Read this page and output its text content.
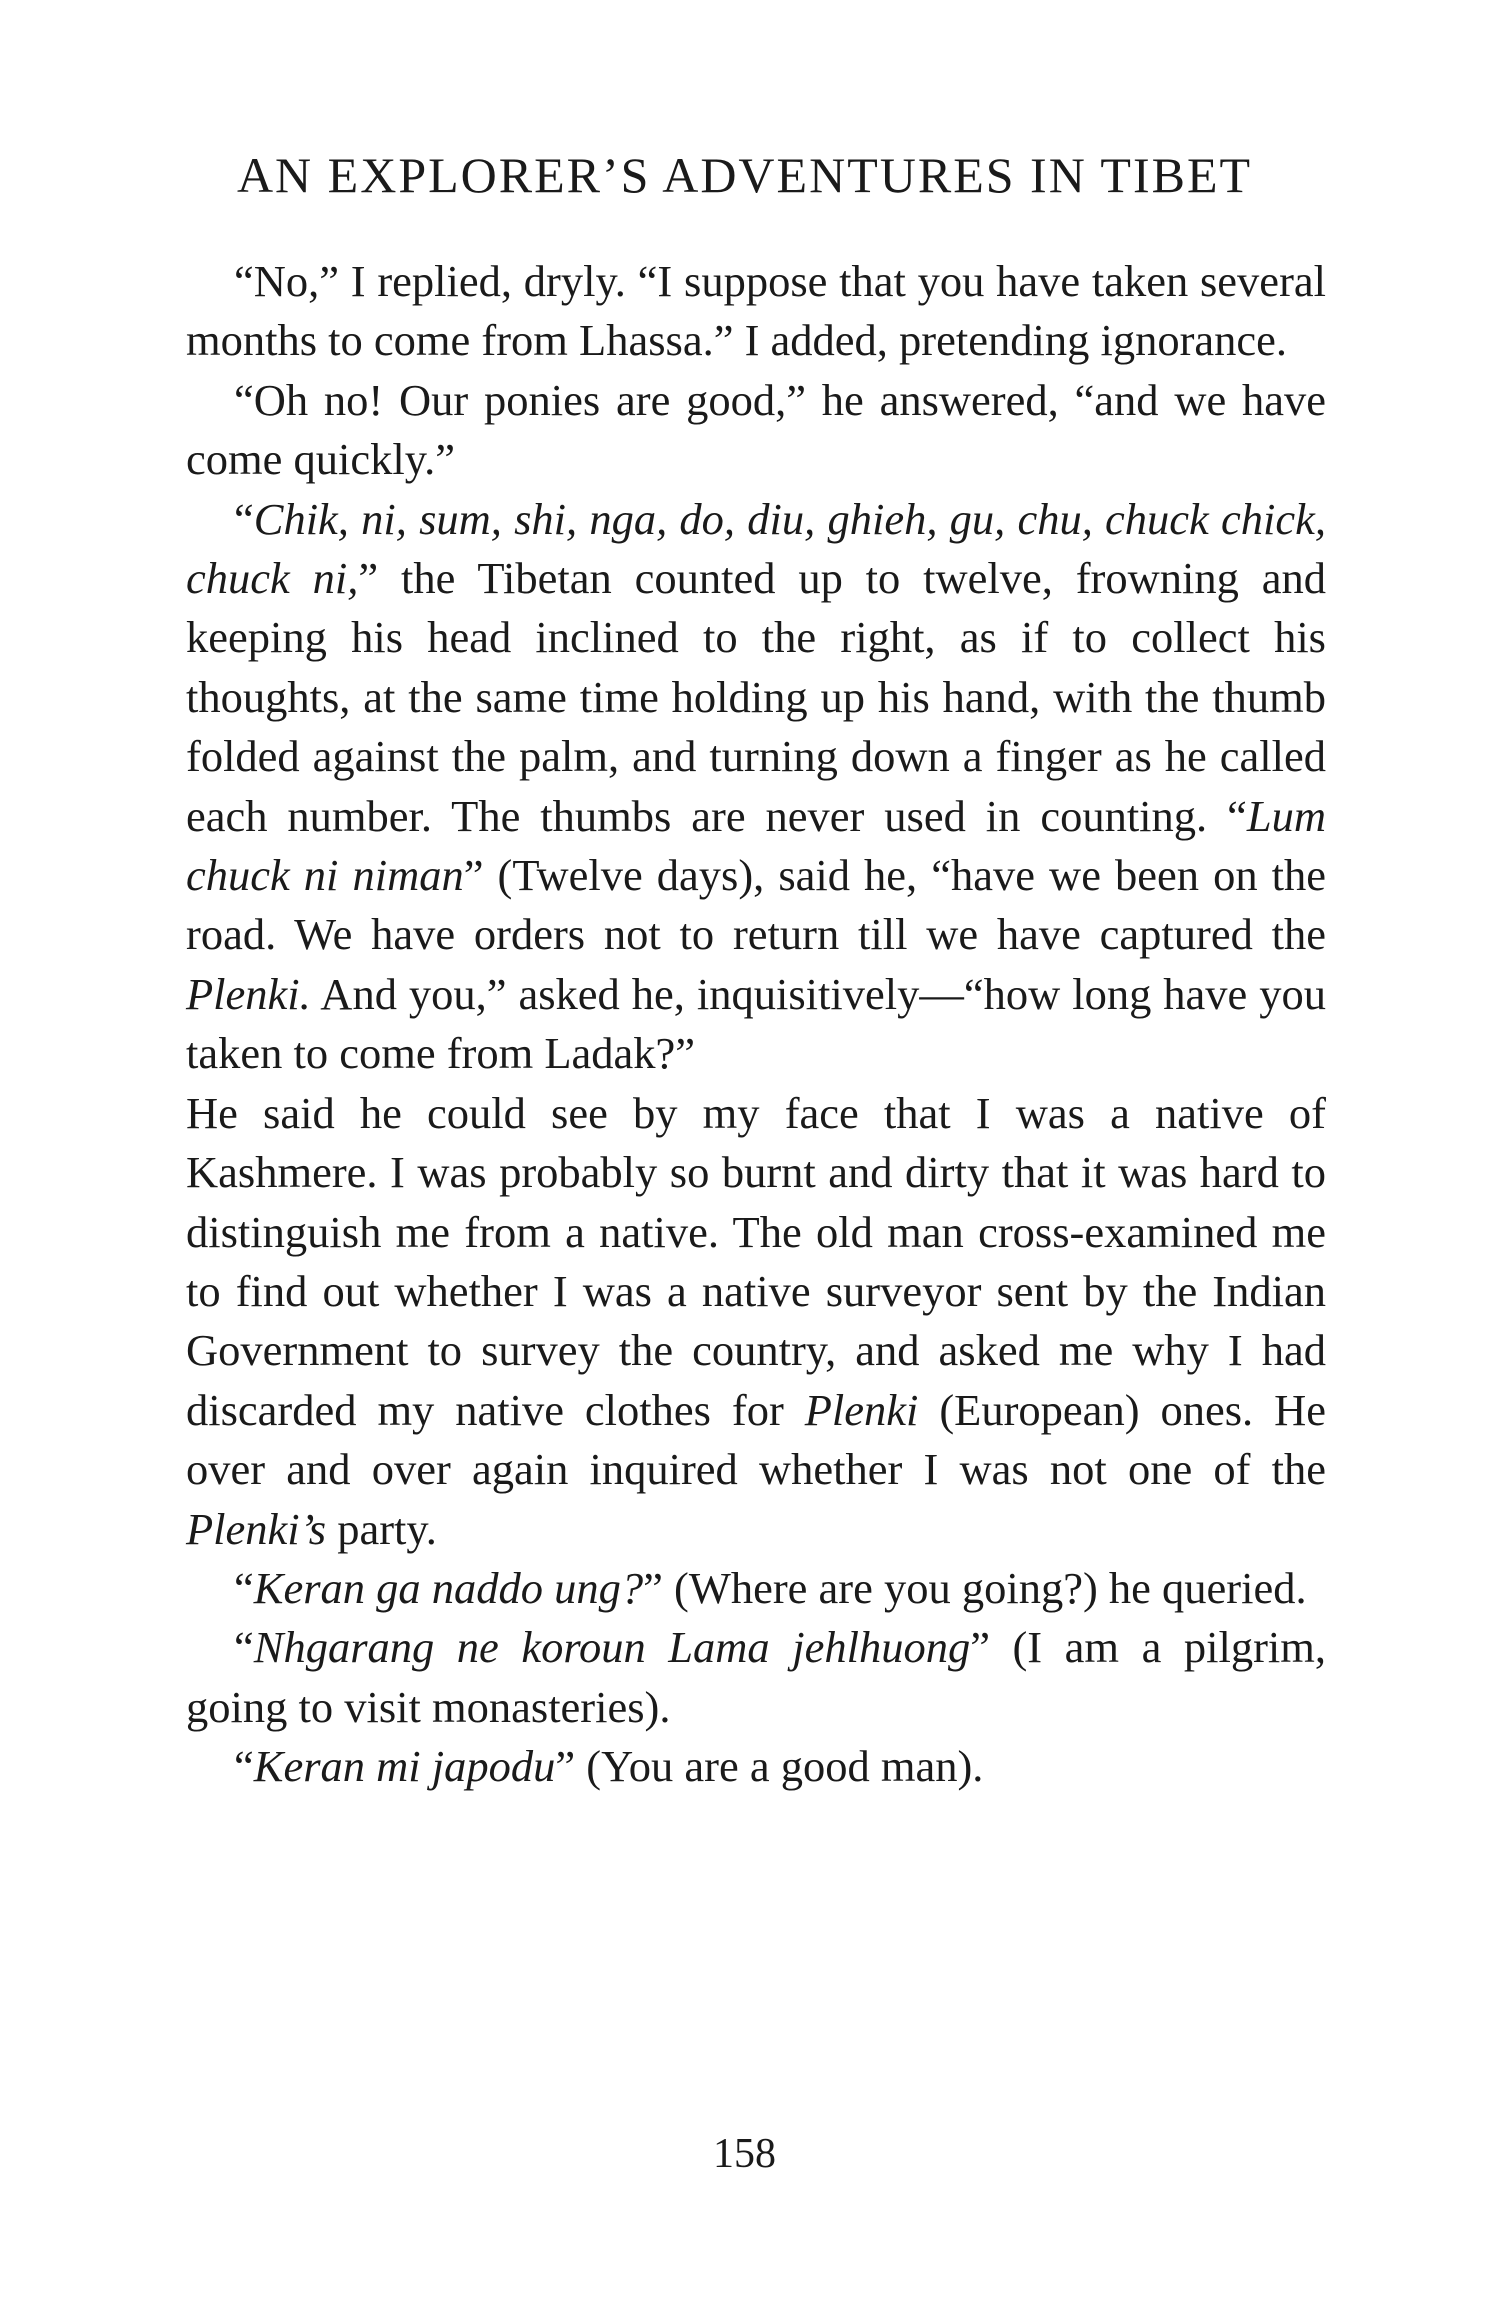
AN EXPLORER’S ADVENTURES IN TIBET

“No,” I replied, dryly. “I suppose that you have taken several months to come from Lhassa.” I added, pretending ignorance.

“Oh no! Our ponies are good,” he answered, “and we have come quickly.”

“Chik, ni, sum, shi, nga, do, diu, ghieh, gu, chu, chuck chick, chuck ni,” the Tibetan counted up to twelve, frowning and keeping his head inclined to the right, as if to collect his thoughts, at the same time holding up his hand, with the thumb folded against the palm, and turning down a finger as he called each number. The thumbs are never used in counting. “Lum chuck ni niman” (Twelve days), said he, “have we been on the road. We have orders not to return till we have captured the Plenki. And you,” asked he, inquisitively—“how long have you taken to come from Ladak?”

He said he could see by my face that I was a native of Kashmere. I was probably so burnt and dirty that it was hard to distinguish me from a native. The old man cross-examined me to find out whether I was a native surveyor sent by the Indian Government to survey the country, and asked me why I had discarded my native clothes for Plenki (European) ones. He over and over again inquired whether I was not one of the Plenki’s party.

“Keran ga naddo ung?” (Where are you going?) he queried.

“Nhgarang ne koroun Lama jehlhuong” (I am a pilgrim, going to visit monasteries).

“Keran mi japodu” (You are a good man).

158
